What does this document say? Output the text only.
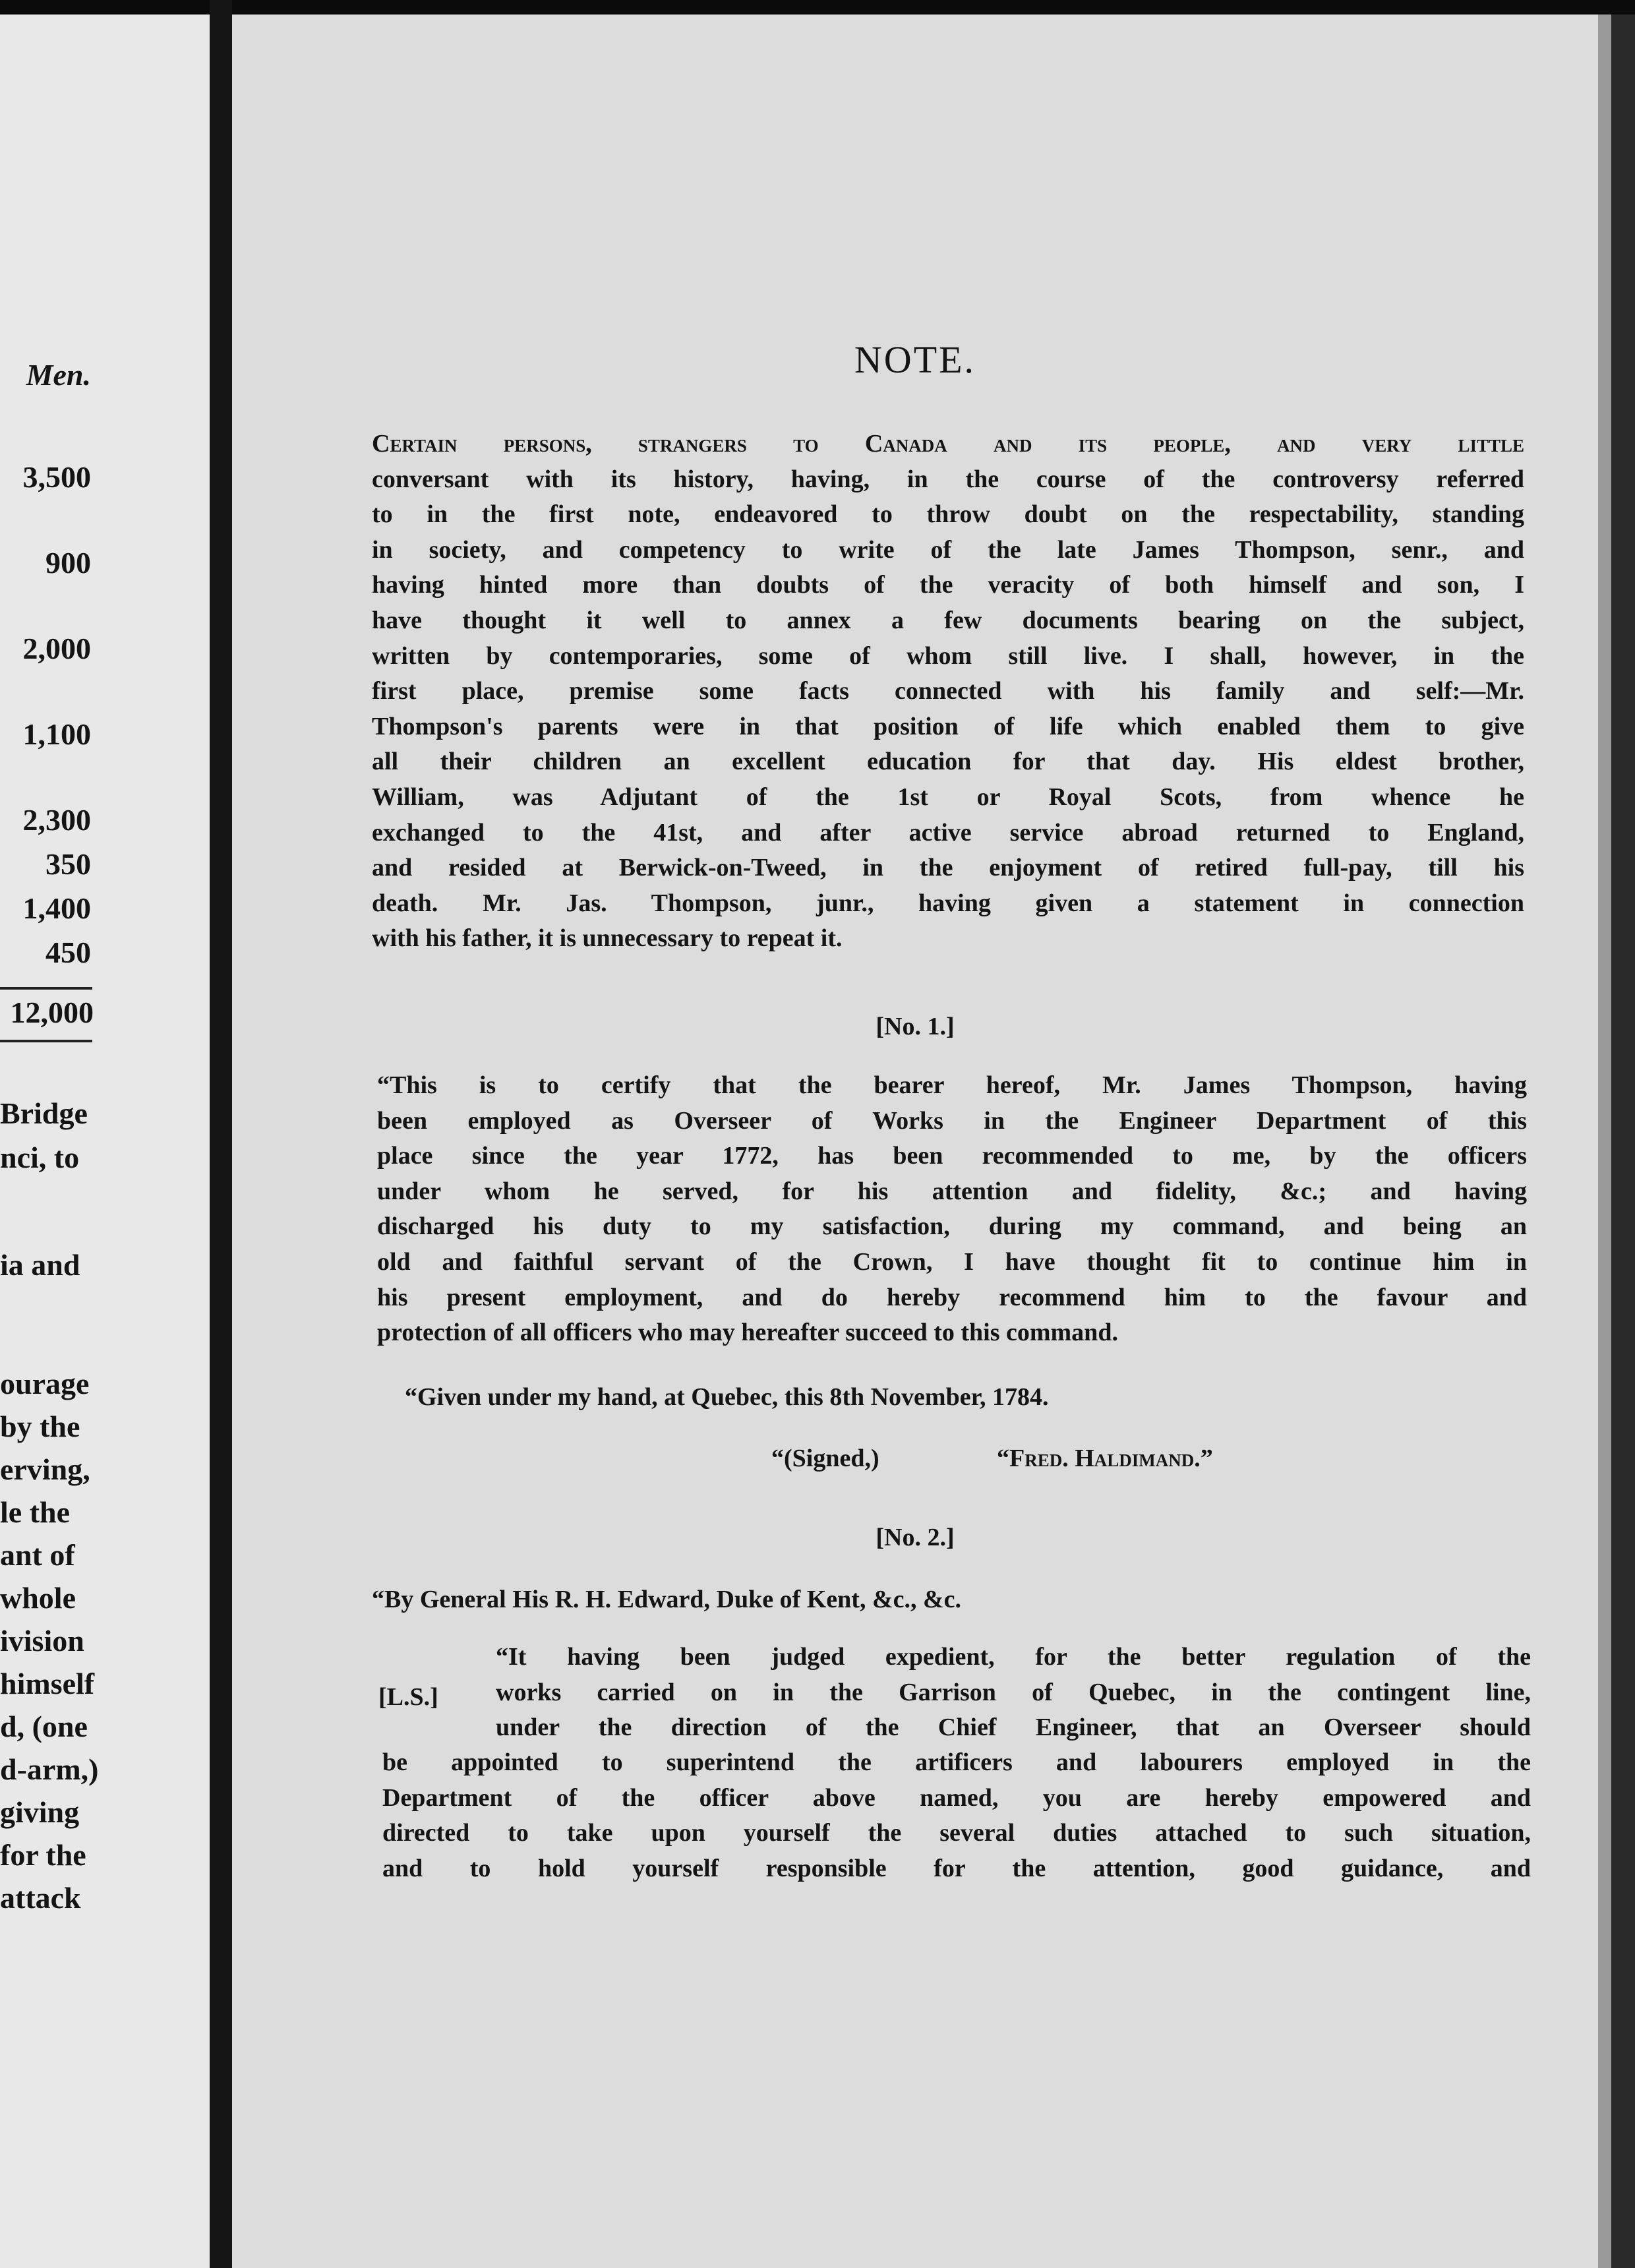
Men.
3,500
900
2,000
1,100
2,300
350
1,400
450
12,000
Bridge
nci, to
ia and
ourage
by the
erving,
le the
ant of
whole
ivision
himself
d, (one
d-arm,)
giving
for the
attack
NOTE.
Certain persons, strangers to Canada and its people, and very little
conversant with its history, having, in the course of the controversy referred
to in the first note, endeavored to throw doubt on the respectability, standing
in society, and competency to write of the late James Thompson, senr., and
having hinted more than doubts of the veracity of both himself and son, I
have thought it well to annex a few documents bearing on the subject,
written by contemporaries, some of whom still live. I shall, however, in the
first place, premise some facts connected with his family and self:—Mr.
Thompson's parents were in that position of life which enabled them to give
all their children an excellent education for that day. His eldest brother,
William, was Adjutant of the 1st or Royal Scots, from whence he
exchanged to the 41st, and after active service abroad returned to England,
and resided at Berwick-on-Tweed, in the enjoyment of retired full-pay, till his
death. Mr. Jas. Thompson, junr., having given a statement in connection
with his father, it is unnecessary to repeat it.
[No. 1.]
“This is to certify that the bearer hereof, Mr. James Thompson, having
been employed as Overseer of Works in the Engineer Department of this
place since the year 1772, has been recommended to me, by the officers
under whom he served, for his attention and fidelity, &c.; and having
discharged his duty to my satisfaction, during my command, and being an
old and faithful servant of the Crown, I have thought fit to continue him in
his present employment, and do hereby recommend him to the favour and
protection of all officers who may hereafter succeed to this command.
“Given under my hand, at Quebec, this 8th November, 1784.
“(Signed,)	“Fred. Haldimand.”
[No. 2.]
“By General His R. H. Edward, Duke of Kent, &c., &c.
[L.S.]
“It having been judged expedient, for the better regulation of the
works carried on in the Garrison of Quebec, in the contingent line,
under the direction of the Chief Engineer, that an Overseer should
be appointed to superintend the artificers and labourers employed in the
Department of the officer above named, you are hereby empowered and
directed to take upon yourself the several duties attached to such situation,
and to hold yourself responsible for the attention, good guidance, and
